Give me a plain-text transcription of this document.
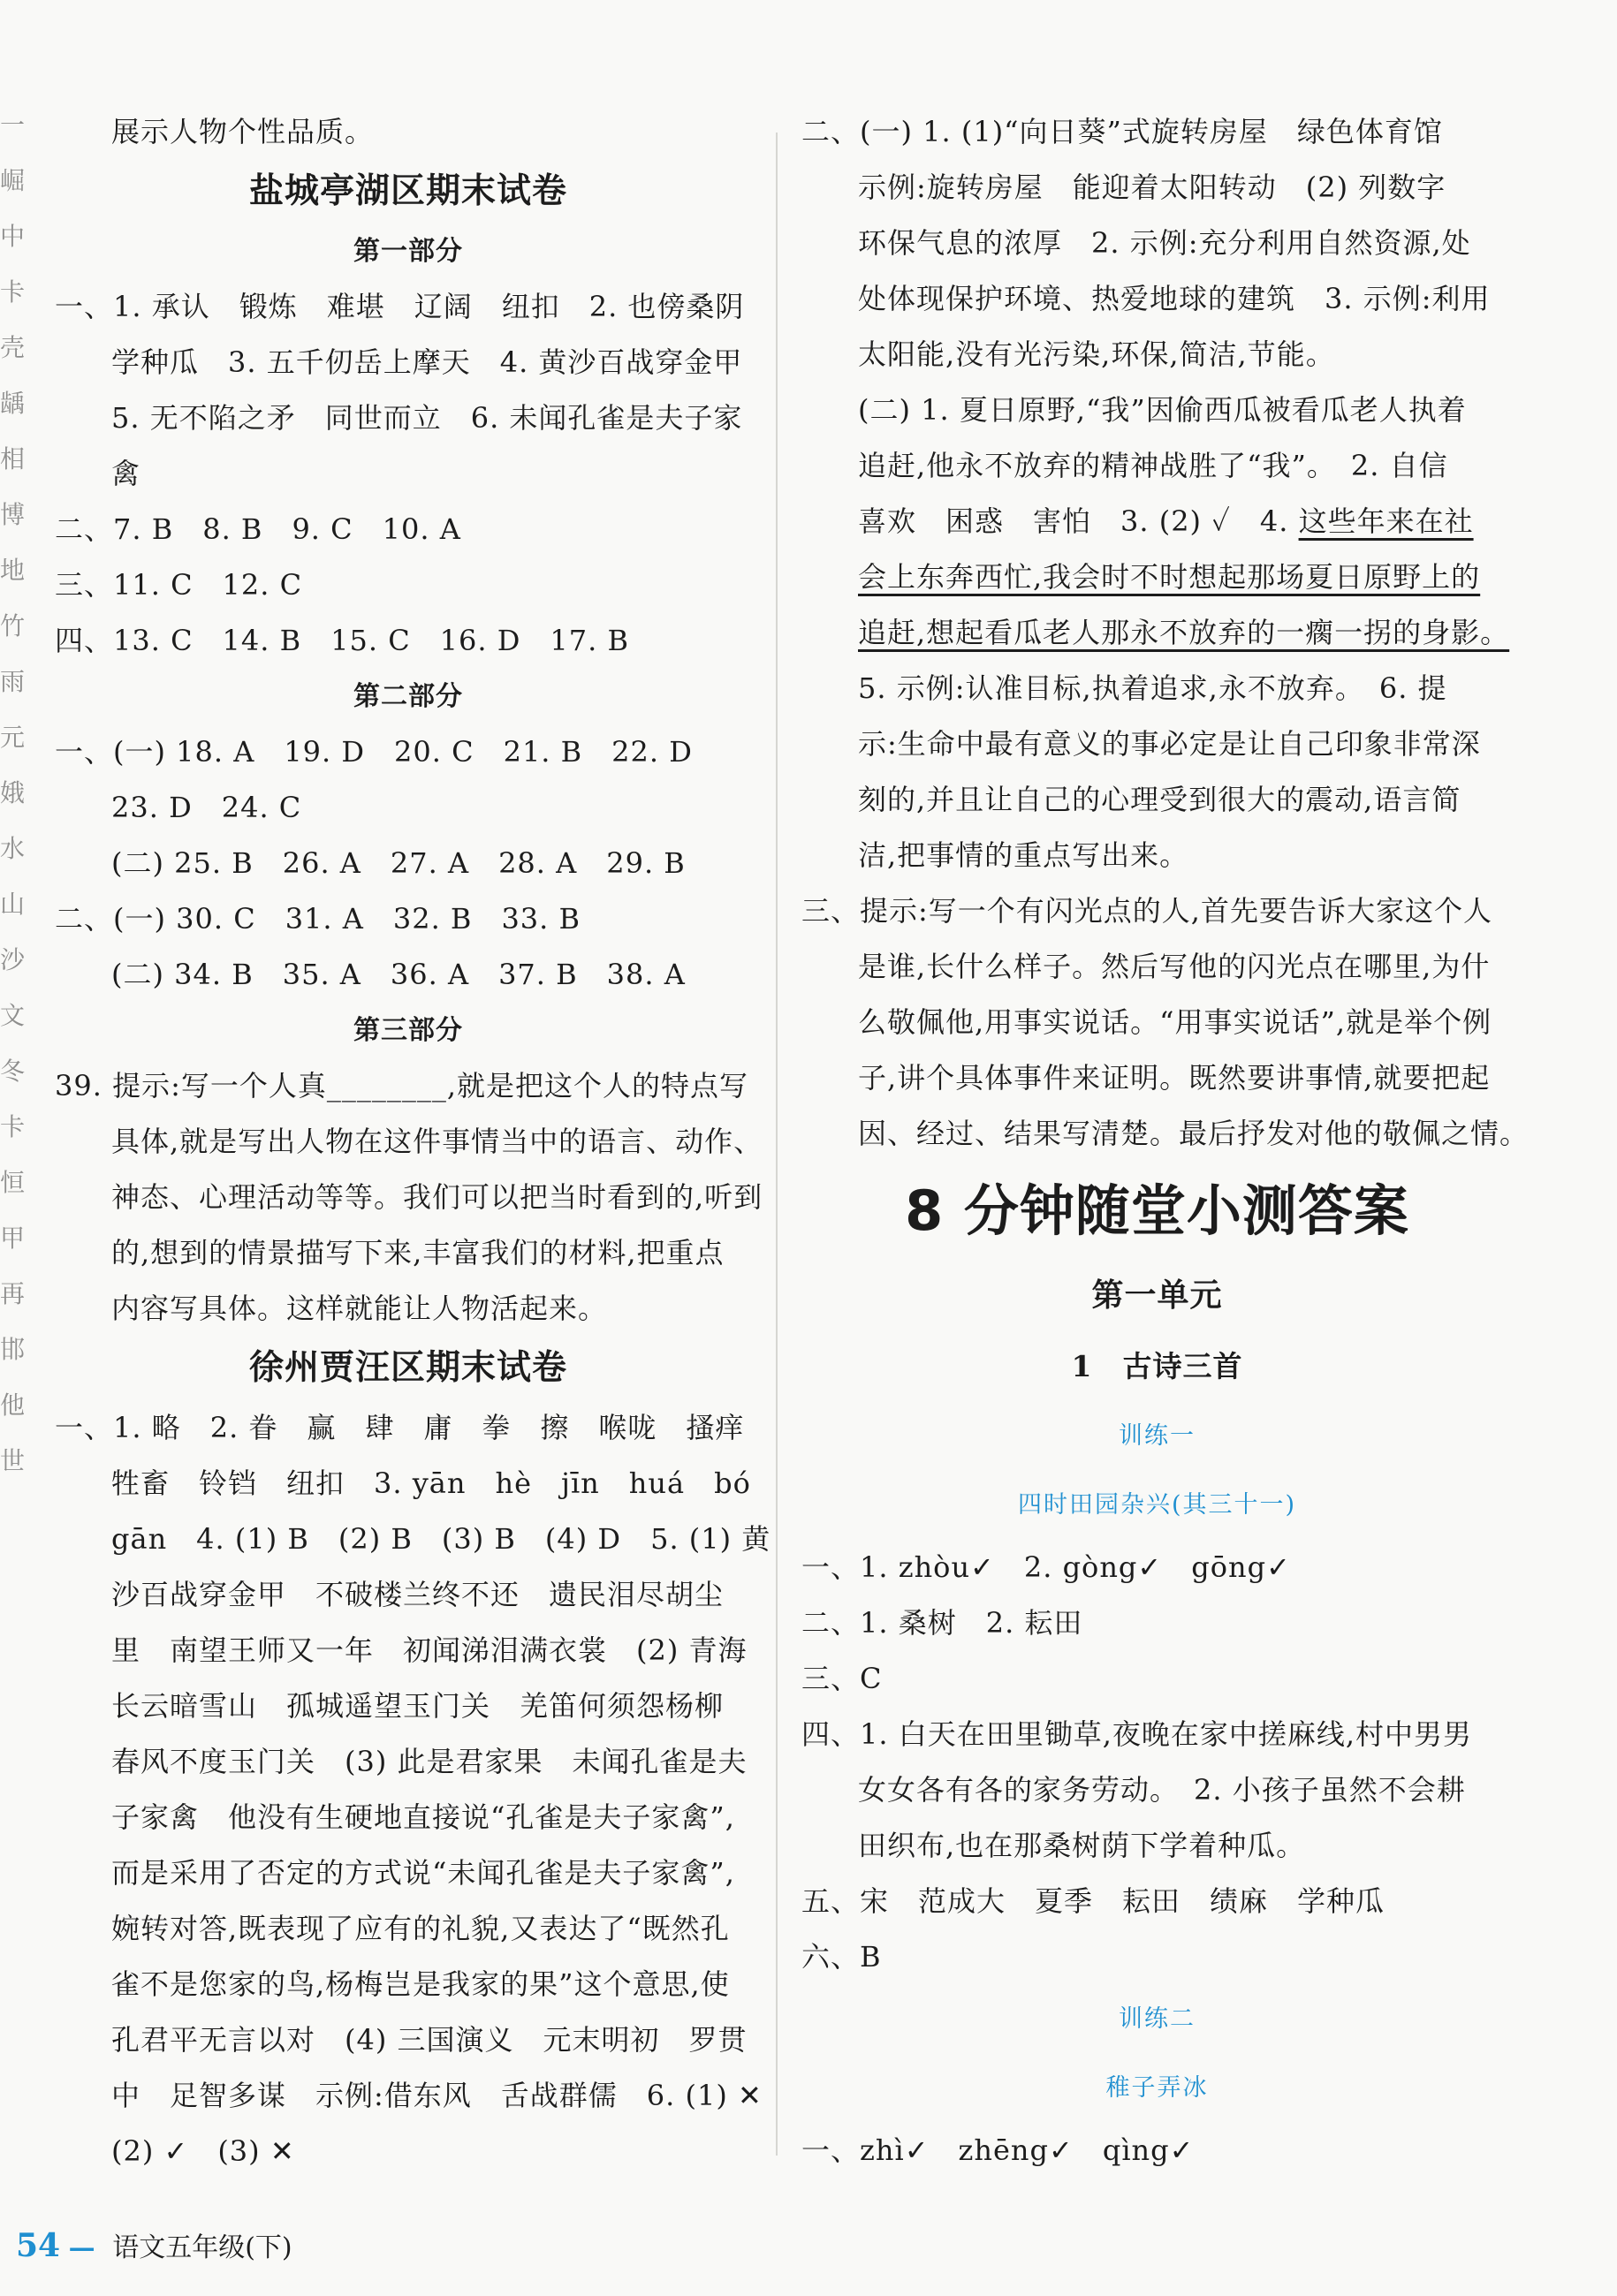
一崛中卡壳龋相博地竹雨元娥水山沙文冬卡恒甲再邯他世
展示人物个性品质。
盐城亭湖区期末试卷
第一部分
一、1. 承认　锻炼　难堪　辽阔　纽扣　2. 也傍桑阴
学种瓜　3. 五千仞岳上摩天　4. 黄沙百战穿金甲
5. 无不陷之矛　同世而立　6. 未闻孔雀是夫子家
禽
二、7. B　8. B　9. C　10. A
三、11. C　12. C
四、13. C　14. B　15. C　16. D　17. B
第二部分
一、(一) 18. A　19. D　20. C　21. B　22. D
23. D　24. C
(二) 25. B　26. A　27. A　28. A　29. B
二、(一) 30. C　31. A　32. B　33. B
(二) 34. B　35. A　36. A　37. B　38. A
第三部分
39. 提示:写一个人真________,就是把这个人的特点写
具体,就是写出人物在这件事情当中的语言、动作、
神态、心理活动等等。我们可以把当时看到的,听到
的,想到的情景描写下来,丰富我们的材料,把重点
内容写具体。这样就能让人物活起来。
徐州贾汪区期末试卷
一、1. 略　2. 眷　赢　肆　庸　拳　擦　喉咙　搔痒
牲畜　铃铛　纽扣　3. yān　hè　jīn　huá　bó
gān　4. (1) B　(2) B　(3) B　(4) D　5. (1) 黄
沙百战穿金甲　不破楼兰终不还　遗民泪尽胡尘
里　南望王师又一年　初闻涕泪满衣裳　(2) 青海
长云暗雪山　孤城遥望玉门关　羌笛何须怨杨柳
春风不度玉门关　(3) 此是君家果　未闻孔雀是夫
子家禽　他没有生硬地直接说“孔雀是夫子家禽”,
而是采用了否定的方式说“未闻孔雀是夫子家禽”,
婉转对答,既表现了应有的礼貌,又表达了“既然孔
雀不是您家的鸟,杨梅岂是我家的果”这个意思,使
孔君平无言以对　(4) 三国演义　元末明初　罗贯
中　足智多谋　示例:借东风　舌战群儒　6. (1) ✕
(2) ✓　(3) ✕
二、(一) 1. (1)“向日葵”式旋转房屋　绿色体育馆
示例:旋转房屋　能迎着太阳转动　(2) 列数字
环保气息的浓厚　2. 示例:充分利用自然资源,处
处体现保护环境、热爱地球的建筑　3. 示例:利用
太阳能,没有光污染,环保,简洁,节能。
(二) 1. 夏日原野,“我”因偷西瓜被看瓜老人执着
追赶,他永不放弃的精神战胜了“我”。　2. 自信
喜欢　困惑　害怕　3. (2) ✓　4. 这些年来在社
会上东奔西忙,我会时不时想起那场夏日原野上的
追赶,想起看瓜老人那永不放弃的一瘸一拐的身影。
5. 示例:认准目标,执着追求,永不放弃。　6. 提
示:生命中最有意义的事必定是让自己印象非常深
刻的,并且让自己的心理受到很大的震动,语言简
洁,把事情的重点写出来。
三、提示:写一个有闪光点的人,首先要告诉大家这个人
是谁,长什么样子。然后写他的闪光点在哪里,为什
么敬佩他,用事实说话。“用事实说话”,就是举个例
子,讲个具体事件来证明。既然要讲事情,就要把起
因、经过、结果写清楚。最后抒发对他的敬佩之情。
8 分钟随堂小测答案
第一单元
1　古诗三首
训练一
四时田园杂兴(其三十一)
一、1. zhòu✓　2. gòng✓　gōng✓
二、1. 桑树　2. 耘田
三、C
四、1. 白天在田里锄草,夜晚在家中搓麻线,村中男男
女女各有各的家务劳动。　2. 小孩子虽然不会耕
田织布,也在那桑树荫下学着种瓜。
五、宋　范成大　夏季　耘田　绩麻　学种瓜
六、B
训练二
稚子弄冰
一、zhì✓　zhēng✓　qìng✓
54 — 语文五年级(下)
